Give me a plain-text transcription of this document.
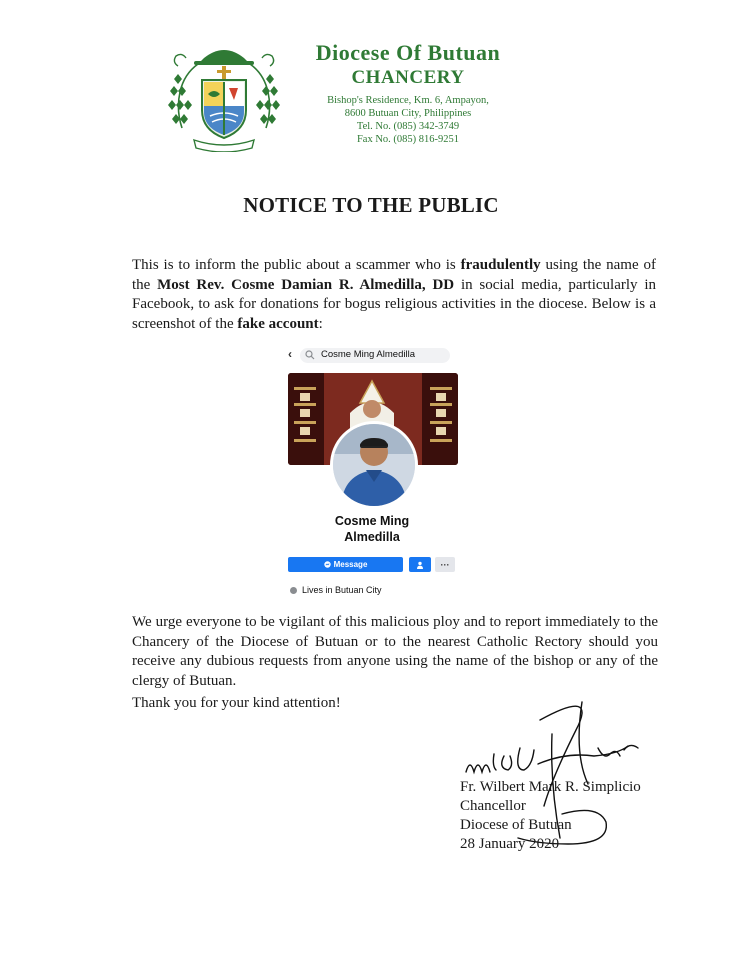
Diocese Of Butuan
CHANCERY
Bishop's Residence, Km. 6, Ampayon,
8600 Butuan City, Philippines
Tel. No. (085) 342-3749
Fax No. (085) 816-9251
NOTICE TO THE PUBLIC

This is to inform the public about a scammer who is fraudulently using the name of the Most Rev. Cosme Damian R. Almedilla, DD in social media, particularly in Facebook, to ask for donations for bogus religious activities in the diocese. Below is a screenshot of the fake account:

‹	Cosme Ming Almedilla
Cosme Ming
Almedilla
Message	···
Lives in Butuan City

We urge everyone to be vigilant of this malicious ploy and to report immediately to the Chancery of the Diocese of Butuan or to the nearest Catholic Rectory should you receive any dubious requests from anyone using the name of the bishop or any of the clergy of Butuan.

Thank you for your kind attention!

Fr. Wilbert Mark R. Simplicio
Chancellor
Diocese of Butuan
28 January 2020
